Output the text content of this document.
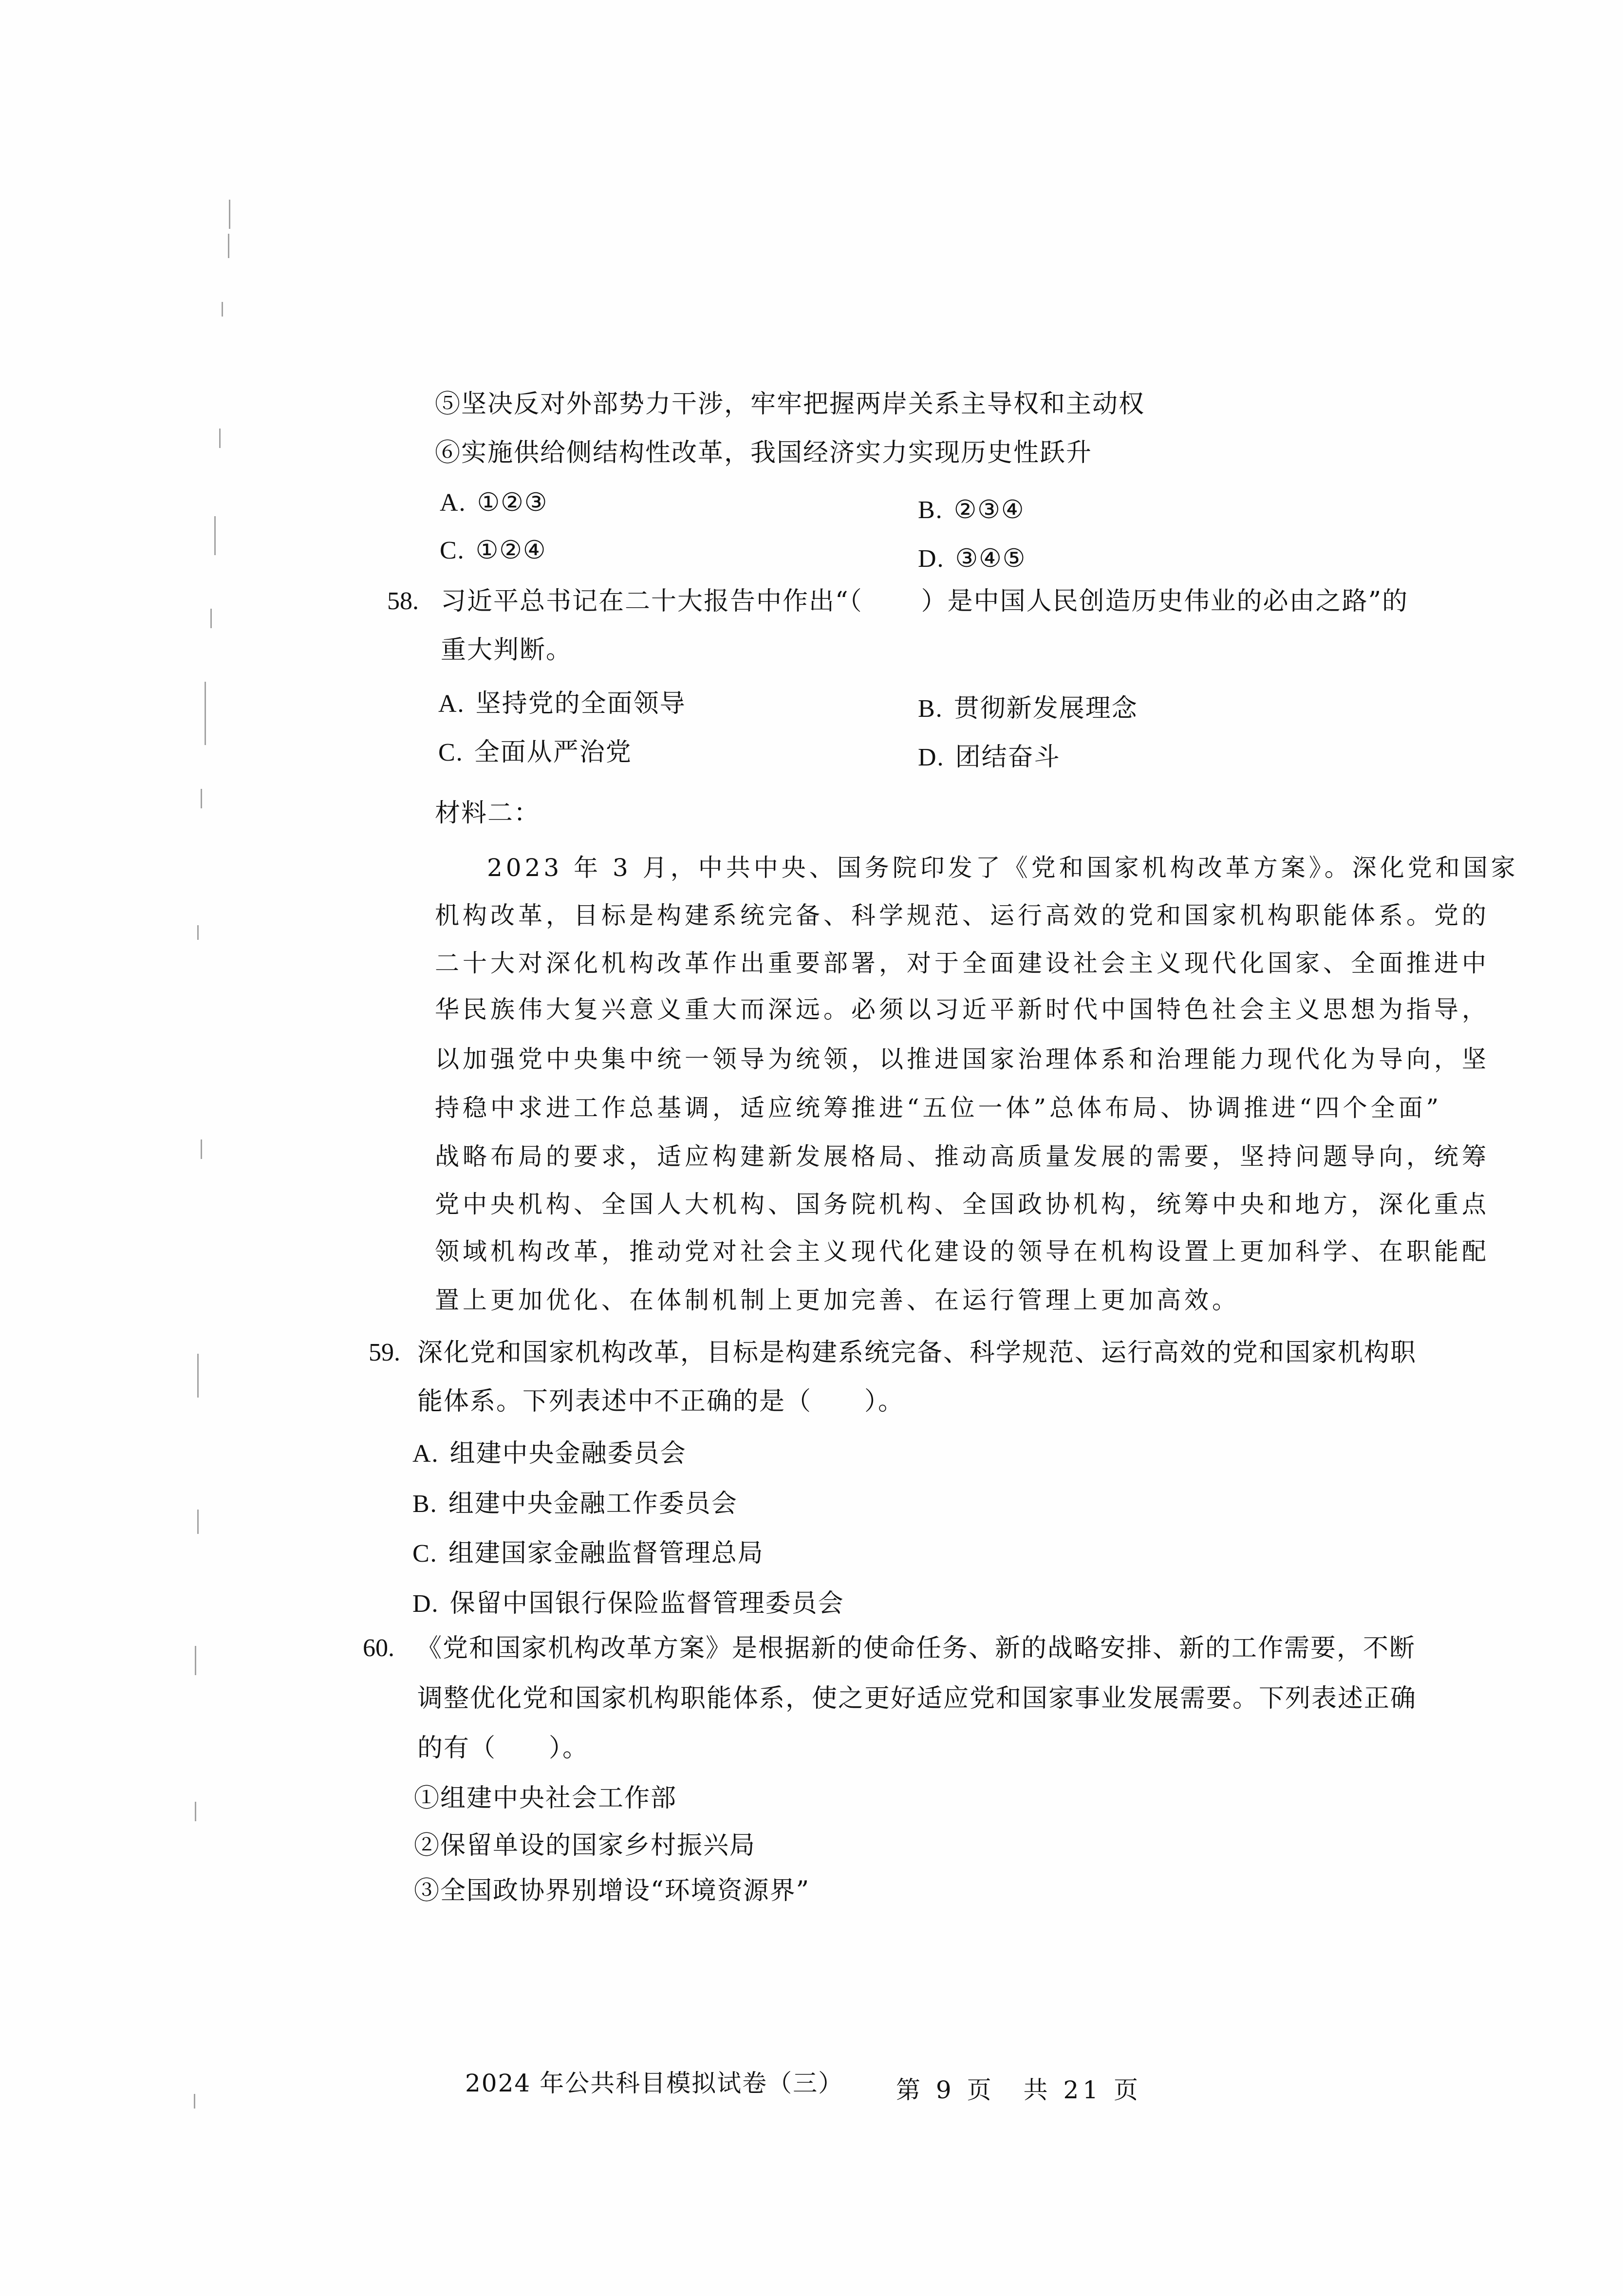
⑤坚决反对外部势力干涉，牢牢把握两岸关系主导权和主动权
⑥实施供给侧结构性改革，我国经济实力实现历史性跃升
A. ①②③	B. ②③④
C. ①②④	D. ③④⑤
58. 习近平总书记在二十大报告中作出“（ ）是中国人民创造历史伟业的必由之路”的
重大判断。
A. 坚持党的全面领导	B. 贯彻新发展理念
C. 全面从严治党	D. 团结奋斗
材料二：
2023 年 3 月，中共中央、国务院印发了《党和国家机构改革方案》。深化党和国家
机构改革，目标是构建系统完备、科学规范、运行高效的党和国家机构职能体系。党的
二十大对深化机构改革作出重要部署，对于全面建设社会主义现代化国家、全面推进中
华民族伟大复兴意义重大而深远。必须以习近平新时代中国特色社会主义思想为指导，
以加强党中央集中统一领导为统领，以推进国家治理体系和治理能力现代化为导向，坚
持稳中求进工作总基调，适应统筹推进“五位一体”总体布局、协调推进“四个全面”
战略布局的要求，适应构建新发展格局、推动高质量发展的需要，坚持问题导向，统筹
党中央机构、全国人大机构、国务院机构、全国政协机构，统筹中央和地方，深化重点
领域机构改革，推动党对社会主义现代化建设的领导在机构设置上更加科学、在职能配
置上更加优化、在体制机制上更加完善、在运行管理上更加高效。
59. 深化党和国家机构改革，目标是构建系统完备、科学规范、运行高效的党和国家机构职
能体系。下列表述中不正确的是（　　）。
A. 组建中央金融委员会
B. 组建中央金融工作委员会
C. 组建国家金融监督管理总局
D. 保留中国银行保险监督管理委员会
60. 《党和国家机构改革方案》是根据新的使命任务、新的战略安排、新的工作需要，不断
调整优化党和国家机构职能体系，使之更好适应党和国家事业发展需要。下列表述正确
的有（　　）。
①组建中央社会工作部
②保留单设的国家乡村振兴局
③全国政协界别增设“环境资源界”
2024 年公共科目模拟试卷（三） 第 9 页　共 21 页
